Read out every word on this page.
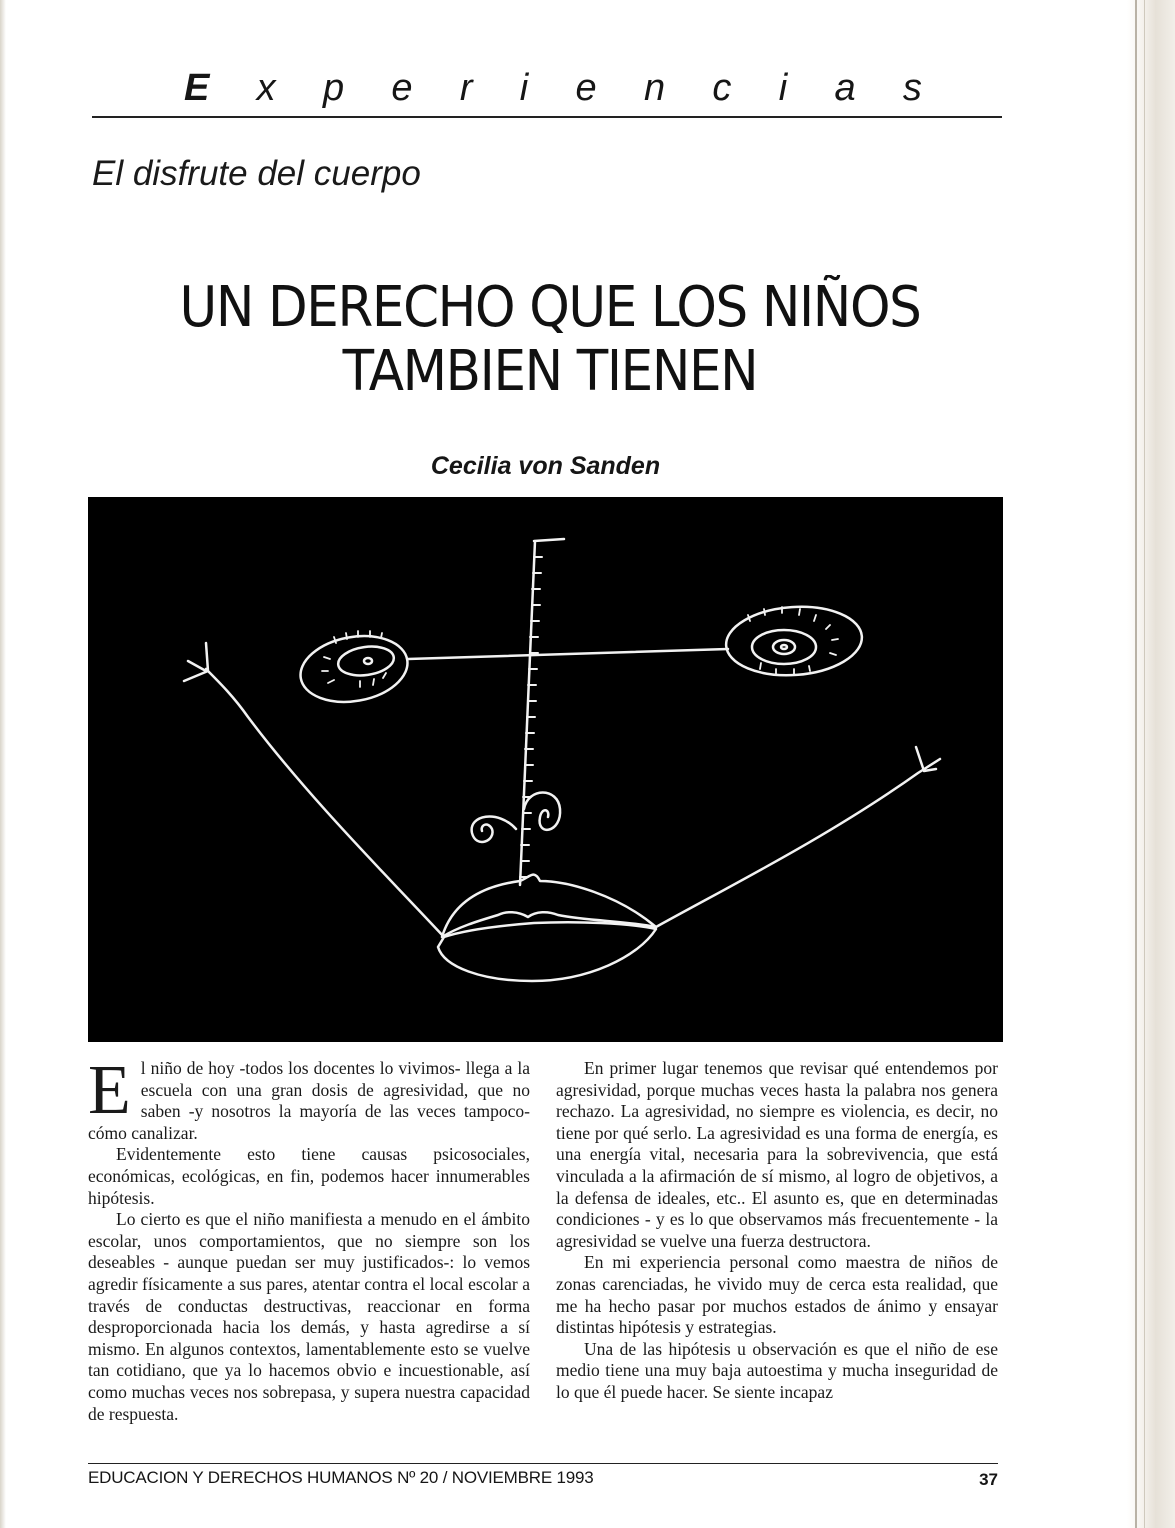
E x p e r i e n c i a s
El disfrute del cuerpo
UN DERECHO QUE LOS NIÑOS
TAMBIEN TIENEN
Cecilia von Sanden

El niño de hoy -todos los docentes lo vivimos- llega a la escuela con una gran dosis de agresividad, que no saben -y nosotros la mayoría de las veces tampoco- cómo canalizar.

Evidentemente esto tiene causas psicosociales, económicas, ecológicas, en fin, podemos hacer innumerables hipótesis.

Lo cierto es que el niño manifiesta a menudo en el ámbito escolar, unos comportamientos, que no siempre son los deseables - aunque puedan ser muy justificados-: lo vemos agredir físicamente a sus pares, atentar contra el local escolar a través de conductas destructivas, reaccionar en forma desproporcionada hacia los demás, y hasta agredirse a sí mismo. En algunos contextos, lamentablemente esto se vuelve tan cotidiano, que ya lo hacemos obvio e incuestionable, así como muchas veces nos sobrepasa, y supera nuestra capacidad de respuesta.

En primer lugar tenemos que revisar qué entendemos por agresividad, porque muchas veces hasta la palabra nos genera rechazo. La agresividad, no siempre es violencia, es decir, no tiene por qué serlo. La agresividad es una forma de energía, es una energía vital, necesaria para la sobrevivencia, que está vinculada a la afirmación de sí mismo, al logro de objetivos, a la defensa de ideales, etc.. El asunto es, que en determinadas condiciones - y es lo que observamos más frecuentemente - la agresividad se vuelve una fuerza destructora.

En mi experiencia personal como maestra de niños de zonas carenciadas, he vivido muy de cerca esta realidad, que me ha hecho pasar por muchos estados de ánimo y ensayar distintas hipótesis y estrategias.

Una de las hipótesis u observación es que el niño de ese medio tiene una muy baja autoestima y mucha inseguridad de lo que él puede hacer. Se siente incapaz

EDUCACION Y DERECHOS HUMANOS Nº 20 / NOVIEMBRE 1993	37
